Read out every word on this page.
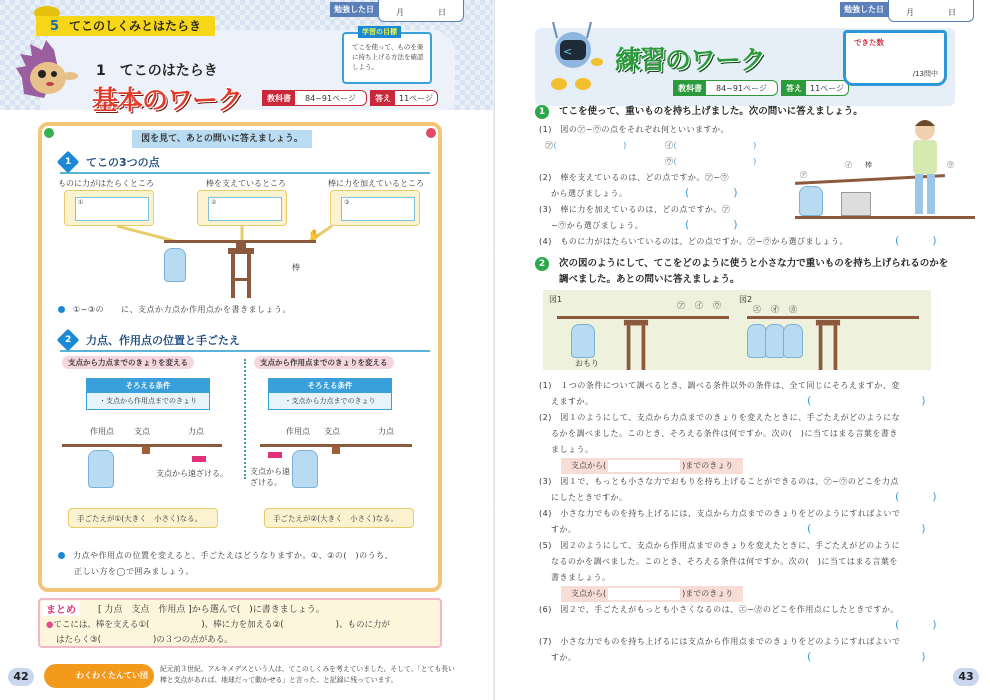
5 てこのしくみとはたらき
勉強した日	月	日
1　てこのはたらき
基本のワーク	教科書	84~91ページ	答え	11ページ
てこを使って、ものを楽に持ち上げる方法を確認しよう。
学習の目標
図を見て、あとの問いに答えましょう。
1	てこの3つの点
ものに力がはたらくところ	棒を支えているところ	棒に力を加えているところ
①	②	③
棒
✋
①~③の　　に、支点か力点か作用点かを書きましょう。
2	力点、作用点の位置と手ごたえ
支点から力点までのきょりを変える	支点から作用点までのきょりを変える
そろえる条件
・支点から作用点までのきょり
そろえる条件
・支点から力点までのきょり
作用点	支点	力点
支点から遠ざける。
手ごたえが①(大きく　小さく)なる。
作用点 支点	力点
支点から遠ざける。
手ごたえが②(大きく　小さく)なる。
力点や作用点の位置を変えると、手ごたえはどうなりますか。①、②の(　)のうち、
正しい方を◯で囲みましょう。
まとめ	[ 力点　支点　作用点 ]から選んで(　)に書きましょう。
●てこには、棒を支える①(	)、棒に力を加える②(	)、ものに力が
はたらく③(	)の３つの点がある。
42	わくわくたんてい団
紀元前３世紀、アルキメデスという人は、てこのしくみを考えていました。そして、「とても長い棒と支点があれば、地球だって動かせる」と言った、と記録に残っています。
勉強した日	月	日
< 練習のワーク
教科書	84~91ページ	答え	11ページ
できた数
/13問中
1	てこを使って、重いものを持ち上げました。次の問いに答えましょう。
(1)　 図の㋐~㋒の点をそれぞれ何といいますか。
㋐(	)	㋑(	)
㋒(	)
(2)　 棒を支えているのは、どの点ですか。㋐~㋒
から選びましょう。	(　　　　)
(3)　 棒に力を加えているのは、どの点ですか。㋐
~㋒から選びましょう。	(　　　　)
(4)　 ものに力がはたらいているのは、どの点ですか。㋐~㋒から選びましょう。	(　　　)
㋐
㋑ 棒	㋒
2	次の図のようにして、てこをどのように使うと小さな力で重いものを持ち上げられるのかを調べました。あとの問いに答えましょう。
図1	図2
おもり
㋐ ㋑ ㋒	㋓ ㋔ ㋕
(1)　 １つの条件について調べるとき、調べる条件以外の条件は、全て同じにそろえますか、変
えますか。	(　　　　　　　　　　)
(2)　 図１のようにして、支点から力点までのきょりを変えたときに、手ごたえがどのようにな
るかを調べました。このとき、そろえる条件は何ですか。次の(　)に当てはまる言葉を書き
ましょう。
支点から(	)までのきょり
(3)　 図１で、もっとも小さな力でおもりを持ち上げることができるのは、㋐~㋒のどこを力点
にしたときですか。	(　　　)
(4)　 小さな力でものを持ち上げるには、支点から力点までのきょりをどのようにすればよいで
すか。	(　　　　　　　　　　)
(5)　 図２のようにして、支点から作用点までのきょりを変えたときに、手ごたえがどのように
なるのかを調べました。このとき、そろえる条件は何ですか。次の(　)に当てはまる言葉を
書きましょう。
支点から(	)までのきょり
(6)　 図２で、手ごたえがもっとも小さくなるのは、㋓~㋕のどこを作用点にしたときですか。
(　　　)
(7)　 小さな力でものを持ち上げるには支点から作用点までのきょりをどのようにすればよいで
すか。	(　　　　　　　　　　)
43
